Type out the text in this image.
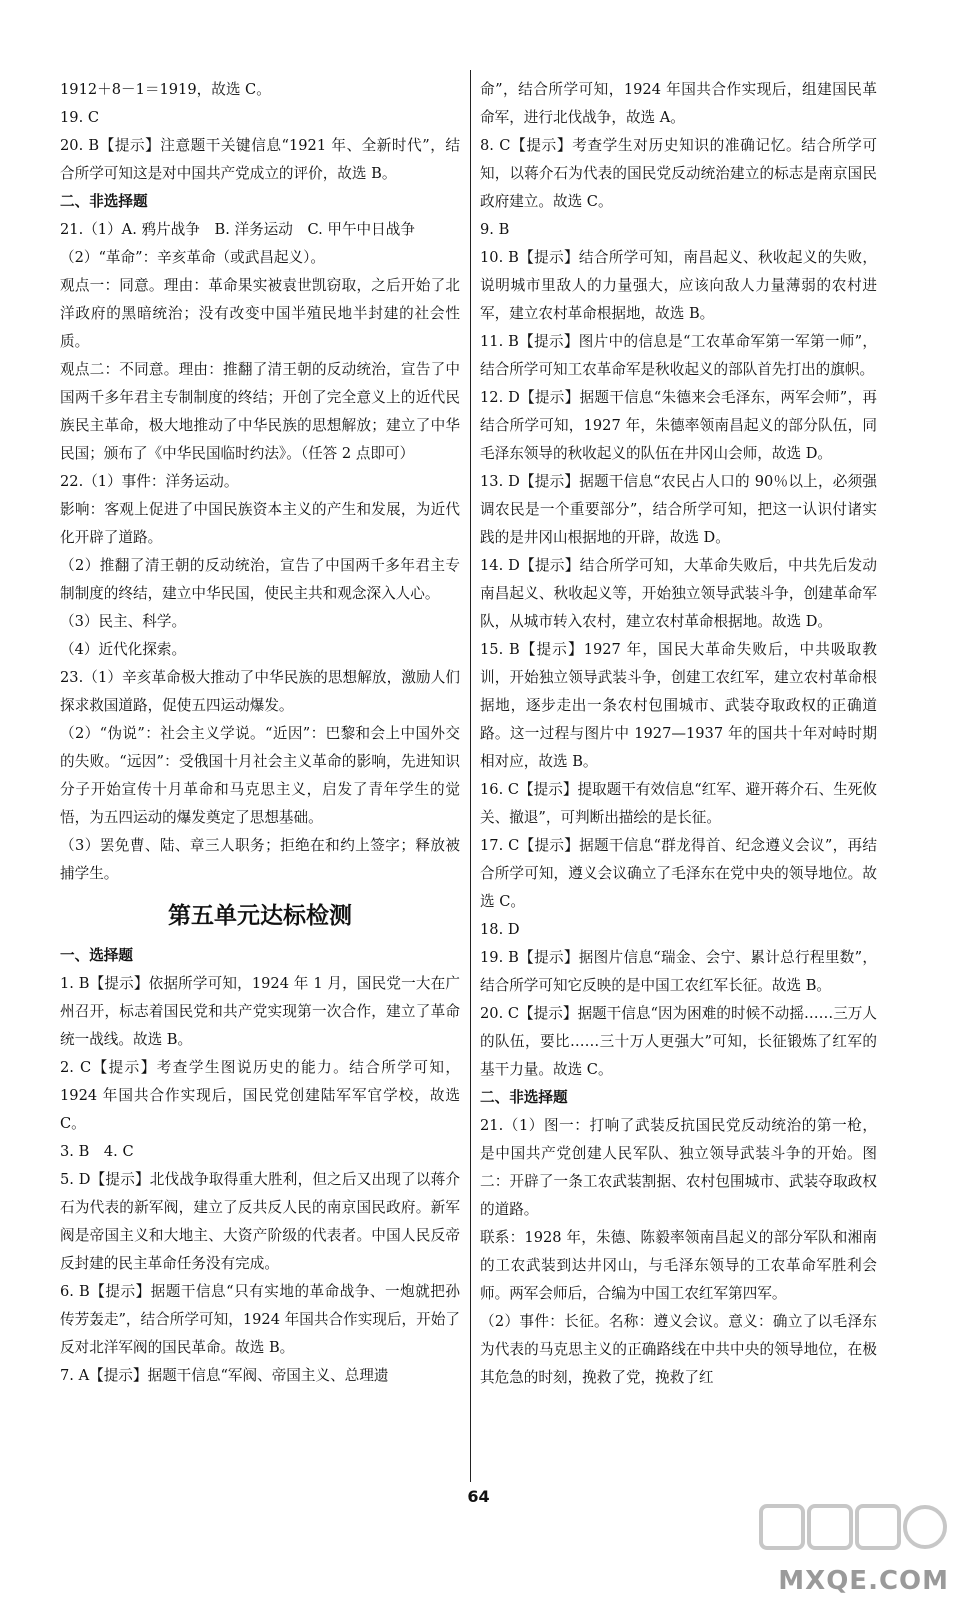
1912＋8－1＝1919，故选 C。

19. C

20. B【提示】注意题干关键信息“1921 年、全新时代”，结合所学可知这是对中国共产党成立的评价，故选 B。

二、非选择题

21.（1）A. 鸦片战争　B. 洋务运动　C. 甲午中日战争

（2）“革命”：辛亥革命（或武昌起义）。

观点一：同意。理由：革命果实被袁世凯窃取，之后开始了北洋政府的黑暗统治；没有改变中国半殖民地半封建的社会性质。

观点二：不同意。理由：推翻了清王朝的反动统治，宣告了中国两千多年君主专制制度的终结；开创了完全意义上的近代民族民主革命，极大地推动了中华民族的思想解放；建立了中华民国；颁布了《中华民国临时约法》。（任答 2 点即可）

22.（1）事件：洋务运动。

影响：客观上促进了中国民族资本主义的产生和发展，为近代化开辟了道路。

（2）推翻了清王朝的反动统治，宣告了中国两千多年君主专制制度的终结，建立中华民国，使民主共和观念深入人心。

（3）民主、科学。

（4）近代化探索。

23.（1）辛亥革命极大推动了中华民族的思想解放，激励人们探求救国道路，促使五四运动爆发。

（2）“伪说”：社会主义学说。“近因”：巴黎和会上中国外交的失败。“远因”：受俄国十月社会主义革命的影响，先进知识分子开始宣传十月革命和马克思主义，启发了青年学生的觉悟，为五四运动的爆发奠定了思想基础。

（3）罢免曹、陆、章三人职务；拒绝在和约上签字；释放被捕学生。

第五单元达标检测

一、选择题

1. B【提示】依据所学可知，1924 年 1 月，国民党一大在广州召开，标志着国民党和共产党实现第一次合作，建立了革命统一战线。故选 B。

2. C【提示】考查学生图说历史的能力。结合所学可知，1924 年国共合作实现后，国民党创建陆军军官学校，故选 C。

3. B　4. C

5. D【提示】北伐战争取得重大胜利，但之后又出现了以蒋介石为代表的新军阀，建立了反共反人民的南京国民政府。新军阀是帝国主义和大地主、大资产阶级的代表者。中国人民反帝反封建的民主革命任务没有完成。

6. B【提示】据题干信息“只有实地的革命战争、一炮就把孙传芳轰走”，结合所学可知，1924 年国共合作实现后，开始了反对北洋军阀的国民革命。故选 B。

7. A【提示】据题干信息“军阀、帝国主义、总理遗

命”，结合所学可知，1924 年国共合作实现后，组建国民革命军，进行北伐战争，故选 A。

8. C【提示】考查学生对历史知识的准确记忆。结合所学可知，以蒋介石为代表的国民党反动统治建立的标志是南京国民政府建立。故选 C。

9. B

10. B【提示】结合所学可知，南昌起义、秋收起义的失败，说明城市里敌人的力量强大，应该向敌人力量薄弱的农村进军，建立农村革命根据地，故选 B。

11. B【提示】图片中的信息是“工农革命军第一军第一师”，结合所学可知工农革命军是秋收起义的部队首先打出的旗帜。

12. D【提示】据题干信息“朱德来会毛泽东，两军会师”，再结合所学可知，1927 年，朱德率领南昌起义的部分队伍，同毛泽东领导的秋收起义的队伍在井冈山会师，故选 D。

13. D【提示】据题干信息“农民占人口的 90％以上，必须强调农民是一个重要部分”，结合所学可知，把这一认识付诸实践的是井冈山根据地的开辟，故选 D。

14. D【提示】结合所学可知，大革命失败后，中共先后发动南昌起义、秋收起义等，开始独立领导武装斗争，创建革命军队，从城市转入农村，建立农村革命根据地。故选 D。

15. B【提示】1927 年，国民大革命失败后，中共吸取教训，开始独立领导武装斗争，创建工农红军，建立农村革命根据地，逐步走出一条农村包围城市、武装夺取政权的正确道路。这一过程与图片中 1927—1937 年的国共十年对峙时期相对应，故选 B。

16. C【提示】提取题干有效信息“红军、避开蒋介石、生死攸关、撤退”，可判断出描绘的是长征。

17. C【提示】据题干信息“群龙得首、纪念遵义会议”，再结合所学可知，遵义会议确立了毛泽东在党中央的领导地位。故选 C。

18. D

19. B【提示】据图片信息“瑞金、会宁、累计总行程里数”，结合所学可知它反映的是中国工农红军长征。故选 B。

20. C【提示】据题干信息“因为困难的时候不动摇……三万人的队伍，要比……三十万人更强大”可知，长征锻炼了红军的基干力量。故选 C。

二、非选择题

21.（1）图一：打响了武装反抗国民党反动统治的第一枪，是中国共产党创建人民军队、独立领导武装斗争的开始。图二：开辟了一条工农武装割据、农村包围城市、武装夺取政权的道路。

联系：1928 年，朱德、陈毅率领南昌起义的部分军队和湘南的工农武装到达井冈山，与毛泽东领导的工农革命军胜利会师。两军会师后，合编为中国工农红军第四军。

（2）事件：长征。名称：遵义会议。意义：确立了以毛泽东为代表的马克思主义的正确路线在中共中央的领导地位，在极其危急的时刻，挽救了党，挽救了红

64
MXQE.COM
